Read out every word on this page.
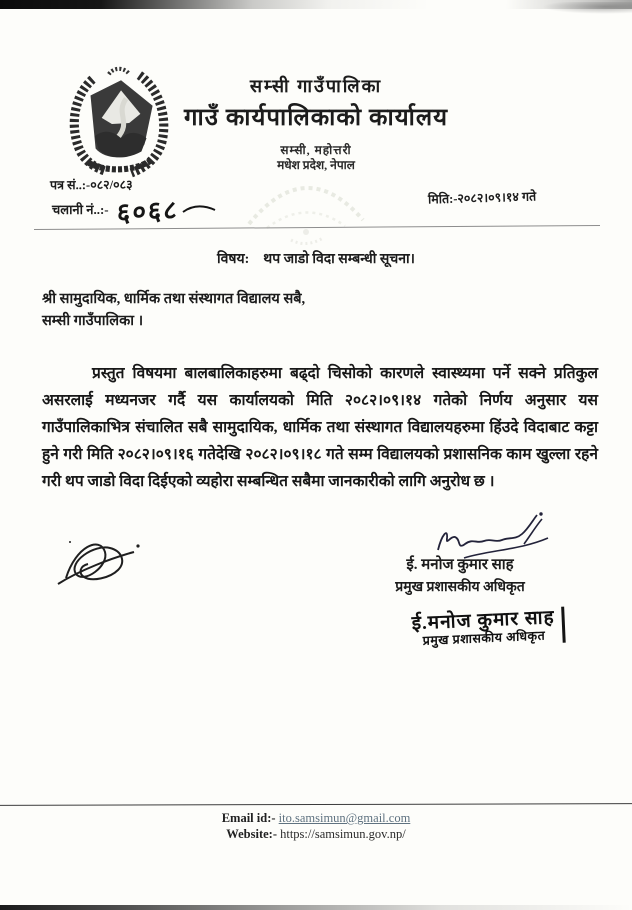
सम्सी गाउँपालिका
गाउँ कार्यपालिकाको कार्यालय
सम्सी, महोत्तरी
मधेश प्रदेश, नेपाल
पत्र सं..:-०८२/०८३
चलानी नं..:- ६०६८	मिति:-२०८२।०९।१४ गते
विषय: थप जाडो विदा सम्बन्धी सूचना।
श्री सामुदायिक, धार्मिक तथा संस्थागत विद्यालय सबै,
सम्सी गाउँपालिका ।
प्रस्तुत विषयमा बालबालिकाहरुमा बढ्दो चिसोको कारणले स्वास्थ्यमा पर्ने सक्ने प्रतिकुल असरलाई मध्यनजर गर्दै यस कार्यालयको मिति २०८२।०९।१४ गतेको निर्णय अनुसार यस गाउँपालिकाभित्र संचालित सबै सामुदायिक, धार्मिक तथा संस्थागत विद्यालयहरुमा हिंउदे विदाबाट कट्टा हुने गरी मिति २०८२।०९।१६ गतेदेखि २०८२।०९।१८ गते सम्म विद्यालयको प्रशासनिक काम खुल्ला रहने गरी थप जाडो विदा दिईएको व्यहोरा सम्बन्धित सबैमा जानकारीको लागि अनुरोध छ ।
ई. मनोज कुमार साह
प्रमुख प्रशासकीय अधिकृत
ई.मनोज कुमार साह
प्रमुख प्रशासकीय अधिकृत
Email id:- ito.samsimun@gmail.com
Website:- https://samsimun.gov.np/
